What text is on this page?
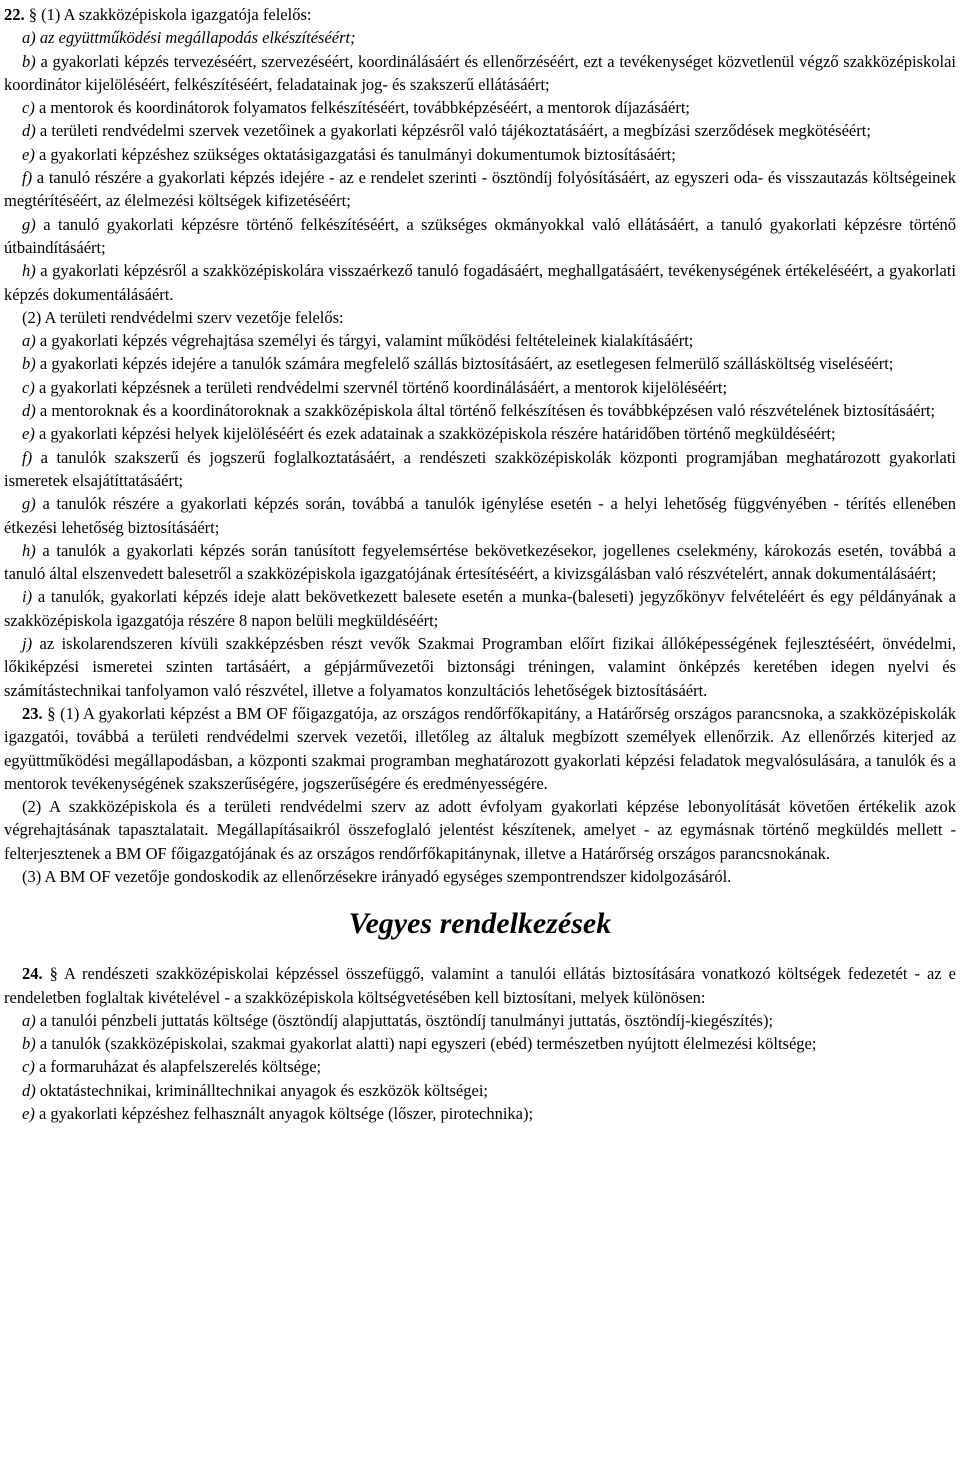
22. § (1) A szakközépiskola igazgatója felelős:

a) az együttműködési megállapodás elkészítéséért;

b) a gyakorlati képzés tervezéséért, szervezéséért, koordinálásáért és ellenőrzéséért, ezt a tevékenységet közvetlenül végző szakközépiskolai koordinátor kijelöléséért, felkészítéséért, feladatainak jog- és szakszerű ellátásáért;

c) a mentorok és koordinátorok folyamatos felkészítéséért, továbbképzéséért, a mentorok díjazásáért;

d) a területi rendvédelmi szervek vezetőinek a gyakorlati képzésről való tájékoztatásáért, a megbízási szerződések megkötéséért;

e) a gyakorlati képzéshez szükséges oktatásigazgatási és tanulmányi dokumentumok biztosításáért;

f) a tanuló részére a gyakorlati képzés idejére - az e rendelet szerinti - ösztöndíj folyósításáért, az egyszeri oda- és visszautazás költségeinek megtérítéséért, az élelmezési költségek kifizetéséért;

g) a tanuló gyakorlati képzésre történő felkészítéséért, a szükséges okmányokkal való ellátásáért, a tanuló gyakorlati képzésre történő útbaindításáért;

h) a gyakorlati képzésről a szakközépiskolára visszaérkező tanuló fogadásáért, meghallgatásáért, tevékenységének értékeléséért, a gyakorlati képzés dokumentálásáért.

(2) A területi rendvédelmi szerv vezetője felelős:

a) a gyakorlati képzés végrehajtása személyi és tárgyi, valamint működési feltételeinek kialakításáért;

b) a gyakorlati képzés idejére a tanulók számára megfelelő szállás biztosításáért, az esetlegesen felmerülő szállásköltség viseléséért;

c) a gyakorlati képzésnek a területi rendvédelmi szervnél történő koordinálásáért, a mentorok kijelöléséért;

d) a mentoroknak és a koordinátoroknak a szakközépiskola által történő felkészítésen és továbbképzésen való részvételének biztosításáért;

e) a gyakorlati képzési helyek kijelöléséért és ezek adatainak a szakközépiskola részére határidőben történő megküldéséért;

f) a tanulók szakszerű és jogszerű foglalkoztatásáért, a rendészeti szakközépiskolák központi programjában meghatározott gyakorlati ismeretek elsajátíttatásáért;

g) a tanulók részére a gyakorlati képzés során, továbbá a tanulók igénylése esetén - a helyi lehetőség függvényében - térítés ellenében étkezési lehetőség biztosításáért;

h) a tanulók a gyakorlati képzés során tanúsított fegyelemsértése bekövetkezésekor, jogellenes cselekmény, károkozás esetén, továbbá a tanuló által elszenvedett balesetről a szakközépiskola igazgatójának értesítéséért, a kivizsgálásban való részvételért, annak dokumentálásáért;

i) a tanulók, gyakorlati képzés ideje alatt bekövetkezett balesete esetén a munka-(baleseti) jegyzőkönyv felvételéért és egy példányának a szakközépiskola igazgatója részére 8 napon belüli megküldéséért;

j) az iskolarendszeren kívüli szakképzésben részt vevők Szakmai Programban előírt fizikai állóképességének fejlesztéséért, önvédelmi, lőkiképzési ismeretei szinten tartásáért, a gépjárművezetői biztonsági tréningen, valamint önképzés keretében idegen nyelvi és számítástechnikai tanfolyamon való részvétel, illetve a folyamatos konzultációs lehetőségek biztosításáért.

23. § (1) A gyakorlati képzést a BM OF főigazgatója, az országos rendőrfőkapitány, a Határőrség országos parancsnoka, a szakközépiskolák igazgatói, továbbá a területi rendvédelmi szervek vezetői, illetőleg az általuk megbízott személyek ellenőrzik. Az ellenőrzés kiterjed az együttműködési megállapodásban, a központi szakmai programban meghatározott gyakorlati képzési feladatok megvalósulására, a tanulók és a mentorok tevékenységének szakszerűségére, jogszerűségére és eredményességére.

(2) A szakközépiskola és a területi rendvédelmi szerv az adott évfolyam gyakorlati képzése lebonyolítását követően értékelik azok végrehajtásának tapasztalatait. Megállapításaikról összefoglaló jelentést készítenek, amelyet - az egymásnak történő megküldés mellett - felterjesztenek a BM OF főigazgatójának és az országos rendőrfőkapitánynak, illetve a Határőrség országos parancsnokának.

(3) A BM OF vezetője gondoskodik az ellenőrzésekre irányadó egységes szempontrendszer kidolgozásáról.

Vegyes rendelkezések

24. § A rendészeti szakközépiskolai képzéssel összefüggő, valamint a tanulói ellátás biztosítására vonatkozó költségek fedezetét - az e rendeletben foglaltak kivételével - a szakközépiskola költségvetésében kell biztosítani, melyek különösen:

a) a tanulói pénzbeli juttatás költsége (ösztöndíj alapjuttatás, ösztöndíj tanulmányi juttatás, ösztöndíj-kiegészítés);

b) a tanulók (szakközépiskolai, szakmai gyakorlat alatti) napi egyszeri (ebéd) természetben nyújtott élelmezési költsége;

c) a formaruházat és alapfelszerelés költsége;

d) oktatástechnikai, kriminálltechnikai anyagok és eszközök költségei;

e) a gyakorlati képzéshez felhasznált anyagok költsége (lőszer, pirotechnika);
